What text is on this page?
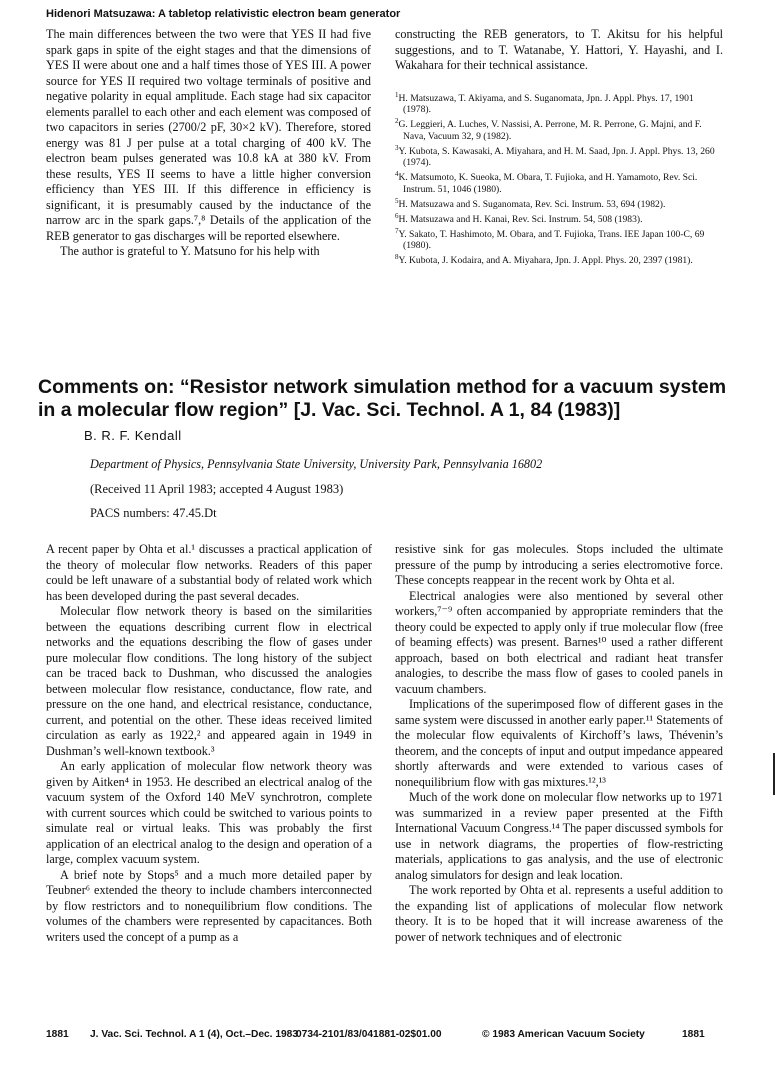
Hidenori Matsuzawa: A tabletop relativistic electron beam generator

The main differences between the two were that YES II had five spark gaps in spite of the eight stages and that the dimensions of YES II were about one and a half times those of YES III. A power source for YES II required two voltage terminals of positive and negative polarity in equal amplitude. Each stage had six capacitor elements parallel to each other and each element was composed of two capacitors in series (2700/2 pF, 30×2 kV). Therefore, stored energy was 81 J per pulse at a total charging of 400 kV. The electron beam pulses generated was 10.8 kA at 380 kV. From these results, YES II seems to have a little higher conversion efficiency than YES III. If this difference in efficiency is significant, it is presumably caused by the inductance of the narrow arc in the spark gaps.⁷,⁸ Details of the application of the REB generator to gas discharges will be reported elsewhere.

The author is grateful to Y. Matsuno for his help with

constructing the REB generators, to T. Akitsu for his helpful suggestions, and to T. Watanabe, Y. Hattori, Y. Hayashi, and I. Wakahara for their technical assistance.

$^1$H. Matsuzawa, T. Akiyama, and S. Suganomata, Jpn. J. Appl. Phys. 17, 1901 (1978).
$^2$G. Leggieri, A. Luches, V. Nassisi, A. Perrone, M. R. Perrone, G. Majni, and F. Nava, Vacuum 32, 9 (1982).
$^3$Y. Kubota, S. Kawasaki, A. Miyahara, and H. M. Saad, Jpn. J. Appl. Phys. 13, 260 (1974).
$^4$K. Matsumoto, K. Sueoka, M. Obara, T. Fujioka, and H. Yamamoto, Rev. Sci. Instrum. 51, 1046 (1980).
$^5$H. Matsuzawa and S. Suganomata, Rev. Sci. Instrum. 53, 694 (1982).
$^6$H. Matsuzawa and H. Kanai, Rev. Sci. Instrum. 54, 508 (1983).
$^7$Y. Sakato, T. Hashimoto, M. Obara, and T. Fujioka, Trans. IEE Japan 100-C, 69 (1980).
$^8$Y. Kubota, J. Kodaira, and A. Miyahara, Jpn. J. Appl. Phys. 20, 2397 (1981).
Comments on: “Resistor network simulation method for a vacuum system in a molecular flow region” [J. Vac. Sci. Technol. A 1, 84 (1983)]
B. R. F. Kendall
Department of Physics, Pennsylvania State University, University Park, Pennsylvania 16802
(Received 11 April 1983; accepted 4 August 1983)
PACS numbers: 47.45.Dt

A recent paper by Ohta et al.¹ discusses a practical application of the theory of molecular flow networks. Readers of this paper could be left unaware of a substantial body of related work which has been developed during the past several decades.

Molecular flow network theory is based on the similarities between the equations describing current flow in electrical networks and the equations describing the flow of gases under pure molecular flow conditions. The long history of the subject can be traced back to Dushman, who discussed the analogies between molecular flow resistance, conductance, flow rate, and pressure on the one hand, and electrical resistance, conductance, current, and potential on the other. These ideas received limited circulation as early as 1922,² and appeared again in 1949 in Dushman’s well-known textbook.³

An early application of molecular flow network theory was given by Aitken⁴ in 1953. He described an electrical analog of the vacuum system of the Oxford 140 MeV synchrotron, complete with current sources which could be switched to various points to simulate real or virtual leaks. This was probably the first application of an electrical analog to the design and operation of a large, complex vacuum system.

A brief note by Stops⁵ and a much more detailed paper by Teubner⁶ extended the theory to include chambers interconnected by flow restrictors and to nonequilibrium flow conditions. The volumes of the chambers were represented by capacitances. Both writers used the concept of a pump as a

resistive sink for gas molecules. Stops included the ultimate pressure of the pump by introducing a series electromotive force. These concepts reappear in the recent work by Ohta et al.

Electrical analogies were also mentioned by several other workers,⁷⁻⁹ often accompanied by appropriate reminders that the theory could be expected to apply only if true molecular flow (free of beaming effects) was present. Barnes¹⁰ used a rather different approach, based on both electrical and radiant heat transfer analogies, to describe the mass flow of gases to cooled panels in vacuum chambers.

Implications of the superimposed flow of different gases in the same system were discussed in another early paper.¹¹ Statements of the molecular flow equivalents of Kirchoff’s laws, Thévenin’s theorem, and the concepts of input and output impedance appeared shortly afterwards and were extended to various cases of nonequilibrium flow with gas mixtures.¹²,¹³

Much of the work done on molecular flow networks up to 1971 was summarized in a review paper presented at the Fifth International Vacuum Congress.¹⁴ The paper discussed symbols for use in network diagrams, the properties of flow-restricting materials, applications to gas analysis, and the use of electronic analog simulators for design and leak location.

The work reported by Ohta et al. represents a useful addition to the expanding list of applications of molecular flow network theory. It is to be hoped that it will increase awareness of the power of network techniques and of electronic

1881 J. Vac. Sci. Technol. A 1 (4), Oct.–Dec. 1983
0734-2101/83/041881-02$01.00	© 1983 American Vacuum Society	1881
